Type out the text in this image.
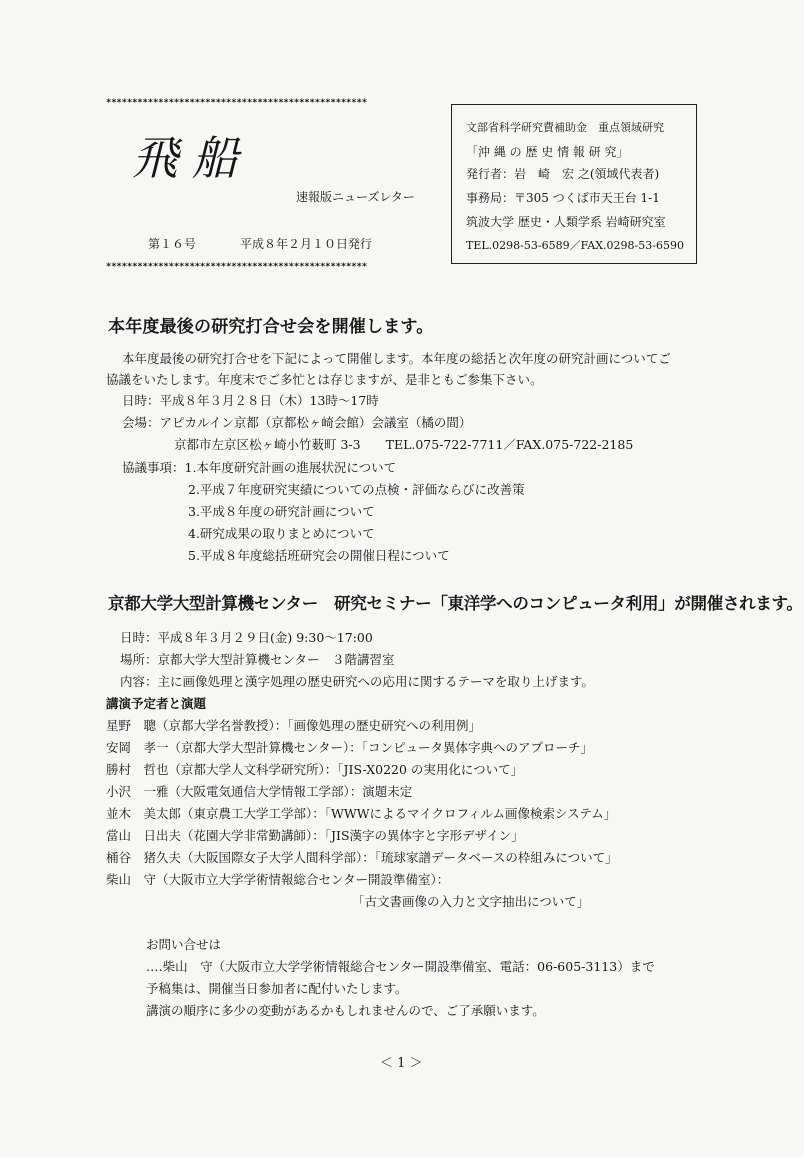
**************************************************
飛船
速報版ニューズレター
第１６号	平成８年２月１０日発行
**************************************************
文部省科学研究費補助金　重点領域研究
「沖 縄 の 歴 史 情 報 研 究」
発行者：岩　崎　宏 之(領域代表者)
事務局：〒305 つくば市天王台 1-1
筑波大学 歴史・人類学系 岩崎研究室
TEL.0298-53-6589／FAX.0298-53-6590
本年度最後の研究打合せ会を開催します。
本年度最後の研究打合せを下記によって開催します。本年度の総括と次年度の研究計画についてご
協議をいたします。年度末でご多忙とは存じますが、是非ともご参集下さい。
日時：平成８年３月２８日（木）13時～17時
会場：アピカルイン京都（京都松ヶ崎会館）会議室（橘の間）
京都市左京区松ヶ崎小竹薮町 3-3　　TEL.075-722-7711／FAX.075-722-2185
協議事項：1.本年度研究計画の進展状況について
2.平成７年度研究実績についての点検・評価ならびに改善策
3.平成８年度の研究計画について
4.研究成果の取りまとめについて
5.平成８年度総括班研究会の開催日程について
京都大学大型計算機センター　研究セミナー「東洋学へのコンピュータ利用」が開催されます。
日時：平成８年３月２９日(金) 9:30～17:00
場所：京都大学大型計算機センター　３階講習室
内容：主に画像処理と漢字処理の歴史研究への応用に関するテーマを取り上げます。
講演予定者と演題
星野　聰（京都大学名誉教授）：「画像処理の歴史研究への利用例」
安岡　孝一（京都大学大型計算機センター）：「コンピュータ異体字典へのアプローチ」
勝村　哲也（京都大学人文科学研究所）：「JIS-X0220 の実用化について」
小沢　一雅（大阪電気通信大学情報工学部）：演題未定
並木　美太郎（東京農工大学工学部）：「WWWによるマイクロフィルム画像検索システム」
當山　日出夫（花園大学非常勤講師）：「JIS漢字の異体字と字形デザイン」
桶谷　猪久夫（大阪国際女子大学人間科学部）：「琉球家譜データベースの枠組みについて」
柴山　守（大阪市立大学学術情報総合センター開設準備室）：
「古文書画像の入力と文字抽出について」
お問い合せは
‥‥柴山　守（大阪市立大学学術情報総合センター開設準備室、電話：06-605-3113）まで
予稿集は、開催当日参加者に配付いたします。
講演の順序に多少の変動があるかもしれませんので、ご了承願います。
＜ 1 ＞
